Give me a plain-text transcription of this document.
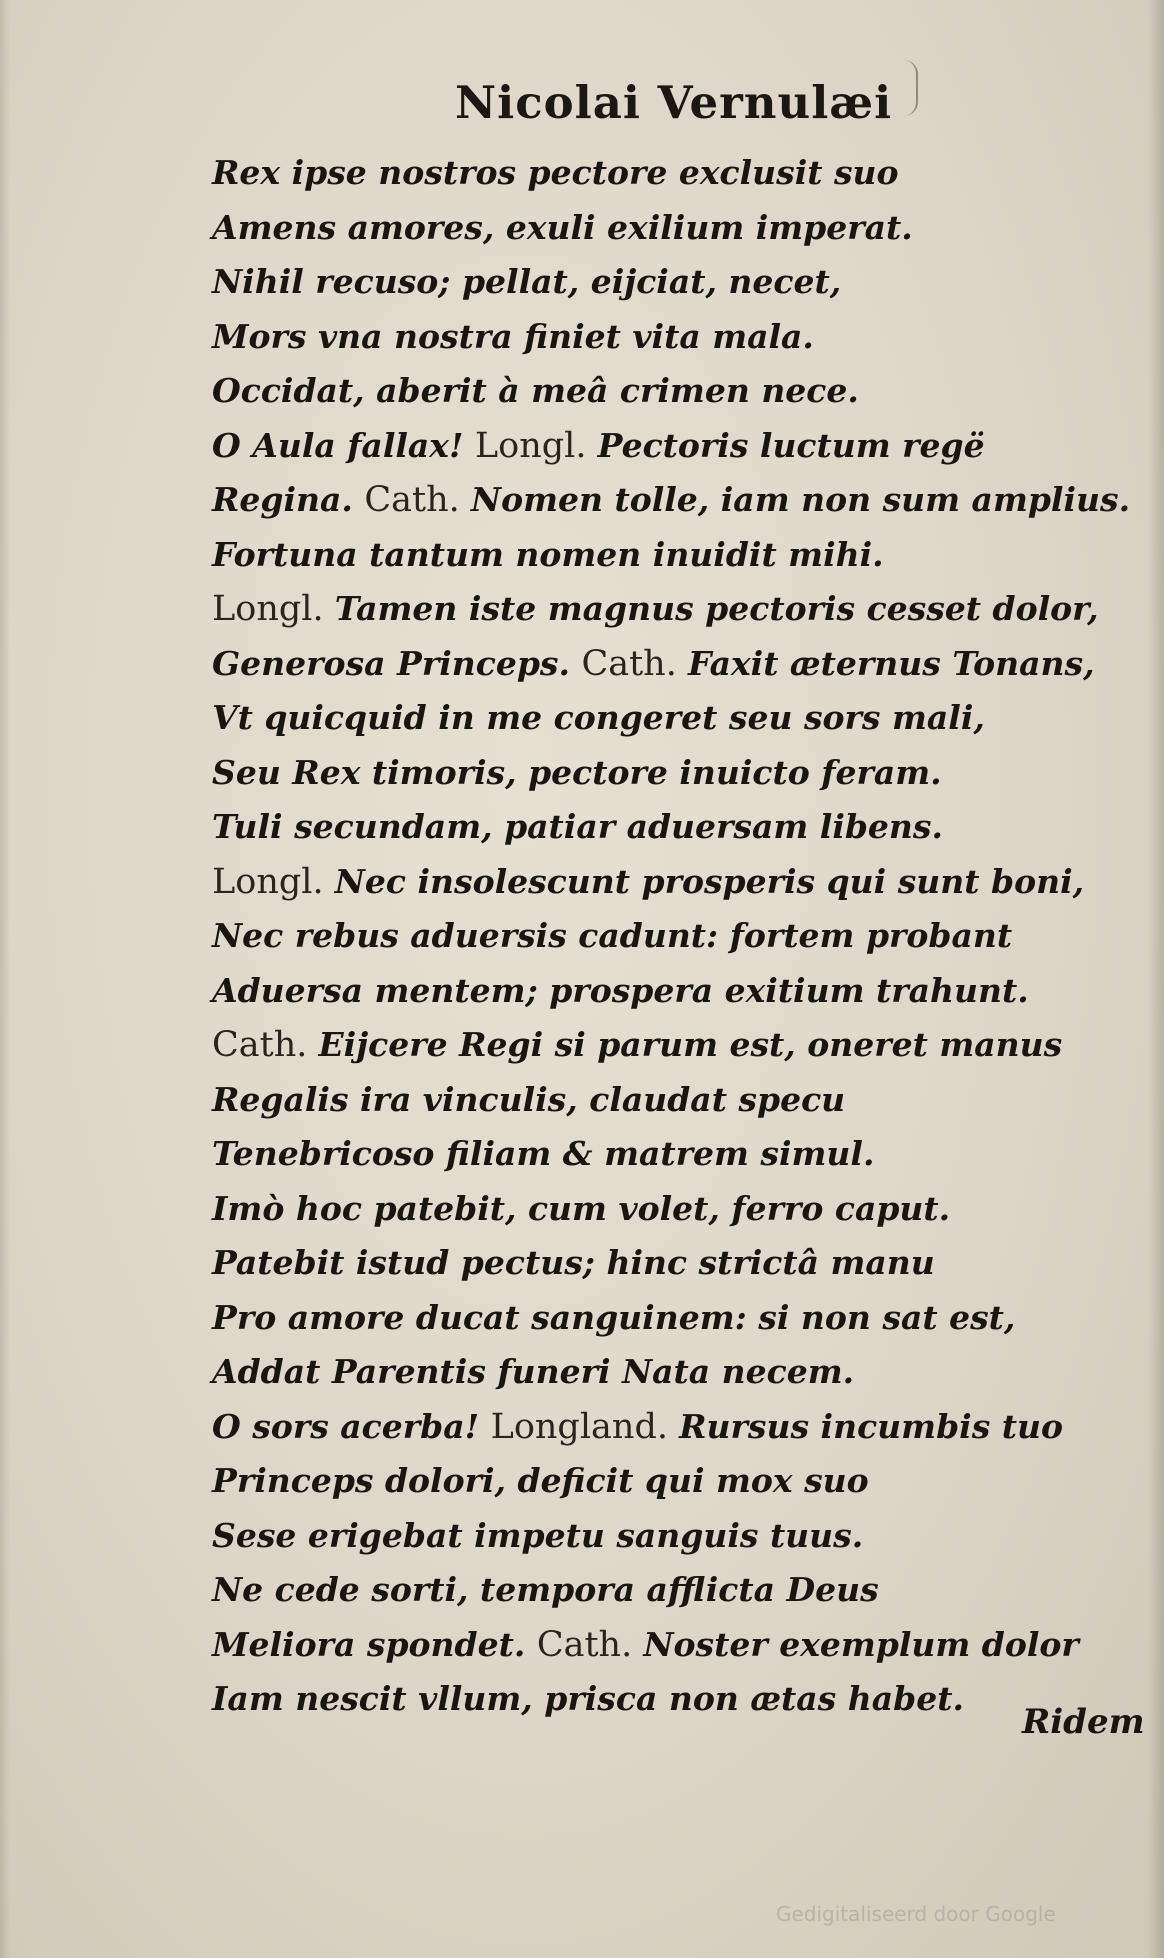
Nicolai Vernulæi
Rex ipse nostros pectore exclusit suo
Amens amores, exuli exilium imperat.
Nihil recuso; pellat, eijciat, necet,
Mors vna nostra finiet vita mala.
Occidat, aberit à meâ crimen nece.
O Aula fallax! Longl. Pectoris luctum regë
Regina. Cath. Nomen tolle, iam non sum amplius.
Fortuna tantum nomen inuidit mihi.
Longl. Tamen iste magnus pectoris cesset dolor,
Generosa Princeps. Cath. Faxit æternus Tonans,
Vt quicquid in me congeret seu sors mali,
Seu Rex timoris, pectore inuicto feram.
Tuli secundam, patiar aduersam libens.
Longl. Nec insolescunt prosperis qui sunt boni,
Nec rebus aduersis cadunt: fortem probant
Aduersa mentem; prospera exitium trahunt.
Cath. Eijcere Regi si parum est, oneret manus
Regalis ira vinculis, claudat specu
Tenebricoso filiam & matrem simul.
Imò hoc patebit, cum volet, ferro caput.
Patebit istud pectus; hinc strictâ manu
Pro amore ducat sanguinem: si non sat est,
Addat Parentis funeri Nata necem.
O sors acerba! Longland. Rursus incumbis tuo
Princeps dolori, deficit qui mox suo
Sese erigebat impetu sanguis tuus.
Ne cede sorti, tempora afflicta Deus
Meliora spondet. Cath. Noster exemplum dolor
Iam nescit vllum, prisca non ætas habet.
Ridem
Gedigitaliseerd door Google
